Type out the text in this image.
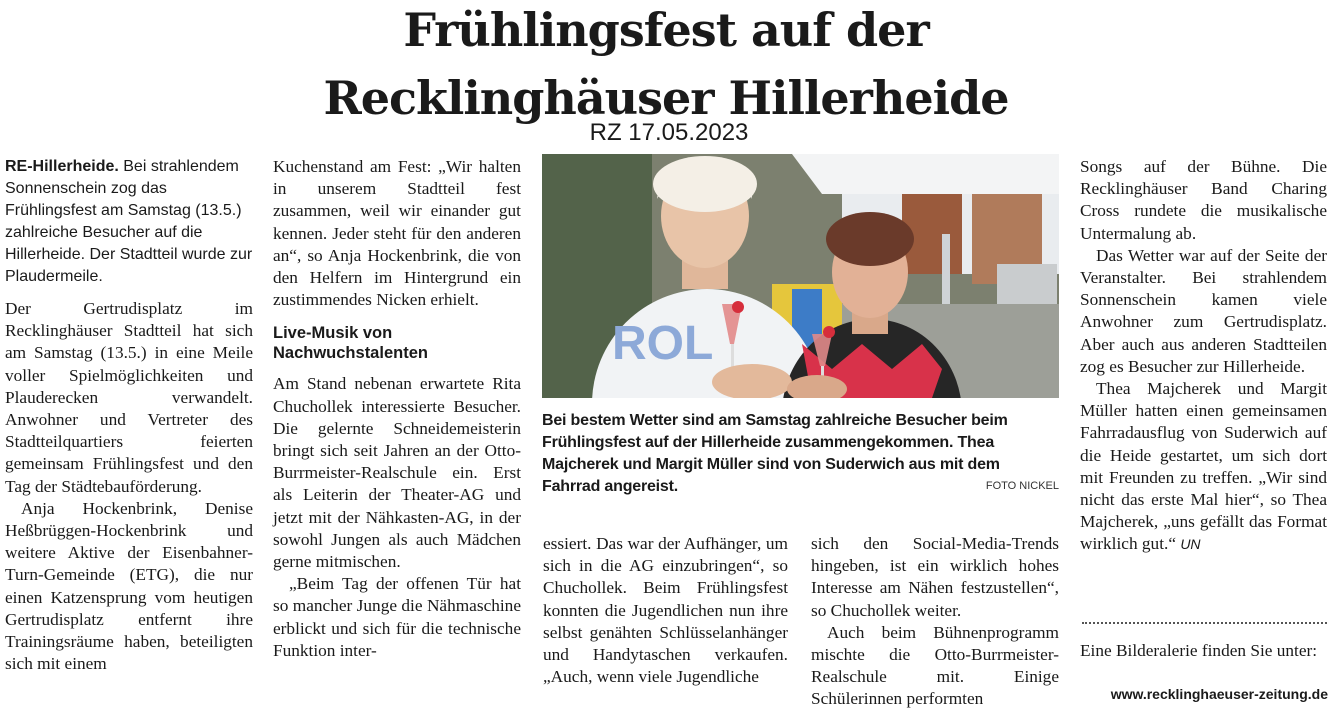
Frühlingsfest auf der
Recklinghäuser Hillerheide
RZ 17.05.2023

RE-Hillerheide. Bei strahlendem Sonnenschein zog das Frühlingsfest am Samstag (13.5.) zahlreiche Besucher auf die Hillerheide. Der Stadtteil wurde zur Plaudermeile.

Der Gertrudisplatz im Recklinghäuser Stadtteil hat sich am Samstag (13.5.) in eine Meile voller Spielmöglichkeiten und Plauderecken verwandelt. Anwohner und Vertreter des Stadtteilquartiers feierten gemeinsam Frühlingsfest und den Tag der Städtebauförderung.

Anja Hockenbrink, Denise Heßbrüggen-Hockenbrink und weitere Aktive der Eisenbahner-Turn-Gemeinde (ETG), die nur einen Katzensprung vom heutigen Gertrudisplatz entfernt ihre Trainingsräume haben, beteiligten sich mit einem

Kuchenstand am Fest: „Wir halten in unserem Stadtteil fest zusammen, weil wir einander gut kennen. Jeder steht für den anderen an“, so Anja Hockenbrink, die von den Helfern im Hintergrund ein zustimmendes Nicken erhielt.

Live-Musik von Nachwuchstalenten

Am Stand nebenan erwartete Rita Chuchollek interessierte Besucher. Die gelernte Schneidemeisterin bringt sich seit Jahren an der Otto-Burrmeister-Realschule ein. Erst als Leiterin der Theater-AG und jetzt mit der Nähkasten-AG, in der sowohl Jungen als auch Mädchen gerne mitmischen.

„Beim Tag der offenen Tür hat so mancher Junge die Nähmaschine erblickt und sich für die technische Funktion inter-

ROL
Bei bestem Wetter sind am Samstag zahlreiche Besucher beim Frühlingsfest auf der Hillerheide zusammengekommen. Thea Majcherek und Margit Müller sind von Suderwich aus mit dem Fahrrad angereist.	FOTO NICKEL

essiert. Das war der Aufhänger, um sich in die AG einzubringen“, so Chuchollek. Beim Frühlingsfest konnten die Jugendlichen nun ihre selbst genähten Schlüsselanhänger und Handytaschen verkaufen. „Auch, wenn viele Jugendliche

sich den Social-Media-Trends hingeben, ist ein wirklich hohes Interesse am Nähen festzustellen“, so Chuchollek weiter.

Auch beim Bühnenprogramm mischte die Otto-Burrmeister-Realschule mit. Einige Schülerinnen performten

Songs auf der Bühne. Die Recklinghäuser Band Charing Cross rundete die musikalische Untermalung ab.

Das Wetter war auf der Seite der Veranstalter. Bei strahlendem Sonnenschein kamen viele Anwohner zum Gertrudisplatz. Aber auch aus anderen Stadtteilen zog es Besucher zur Hillerheide.

Thea Majcherek und Margit Müller hatten einen gemeinsamen Fahrradausflug von Suderwich auf die Heide gestartet, um sich dort mit Freunden zu treffen. „Wir sind nicht das erste Mal hier“, so Thea Majcherek, „uns gefällt das Format wirklich gut.“ UN

Eine Bilderalerie finden Sie unter:
www.recklinghaeuser-zeitung.de
